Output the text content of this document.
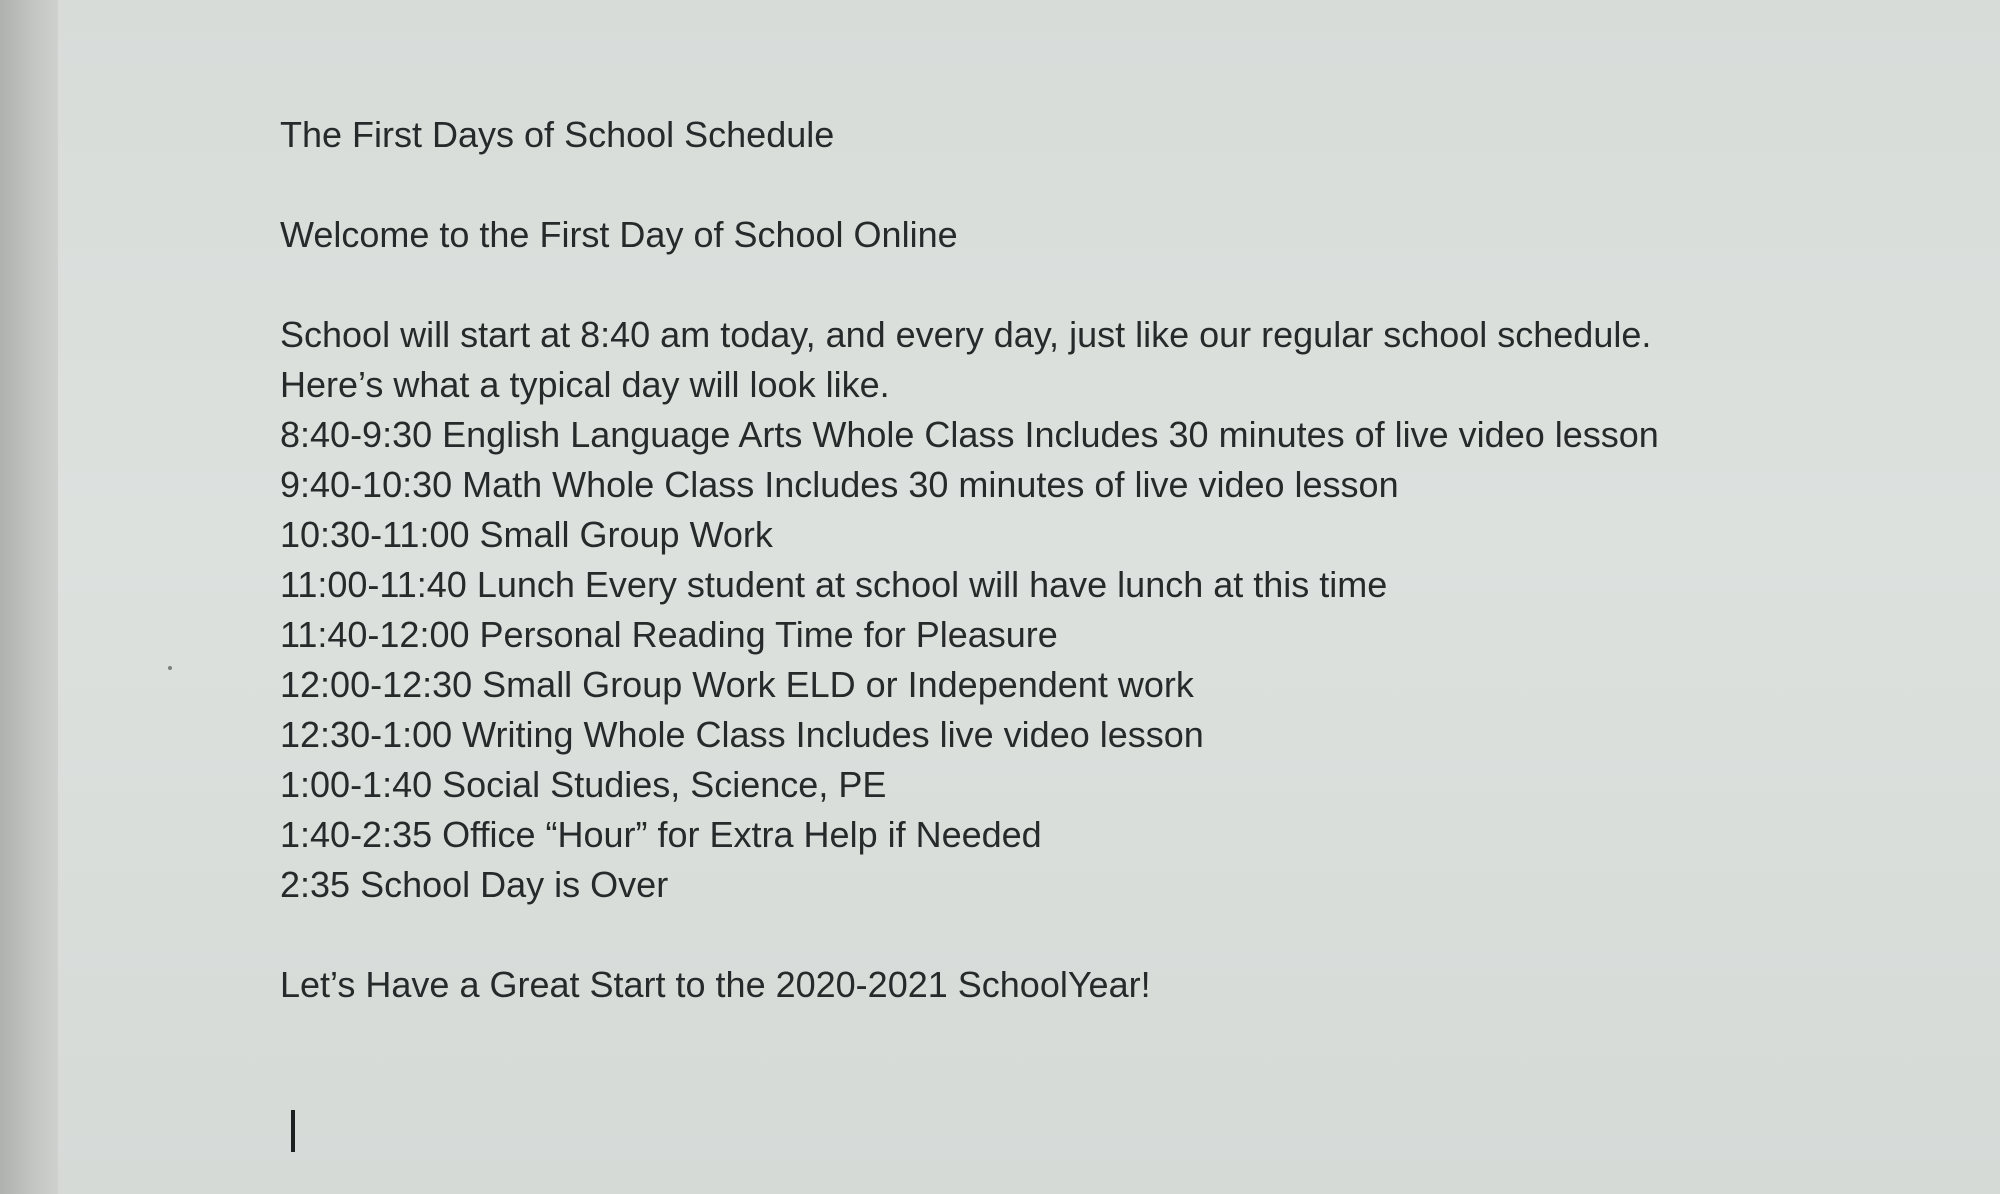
The First Days of School Schedule
Welcome to the First Day of School Online
School will start at 8:40 am today, and every day, just like our regular school schedule.
Here’s what a typical day will look like.
8:40-9:30 English Language Arts Whole Class Includes 30 minutes of live video lesson
9:40-10:30 Math Whole Class Includes 30 minutes of live video lesson
10:30-11:00 Small Group Work
11:00-11:40 Lunch Every student at school will have lunch at this time
11:40-12:00 Personal Reading Time for Pleasure
12:00-12:30 Small Group Work ELD or Independent work
12:30-1:00 Writing Whole Class Includes live video lesson
1:00-1:40 Social Studies, Science, PE
1:40-2:35 Office “Hour” for Extra Help if Needed
2:35 School Day is Over
Let’s Have a Great Start to the 2020-2021 SchoolYear!
